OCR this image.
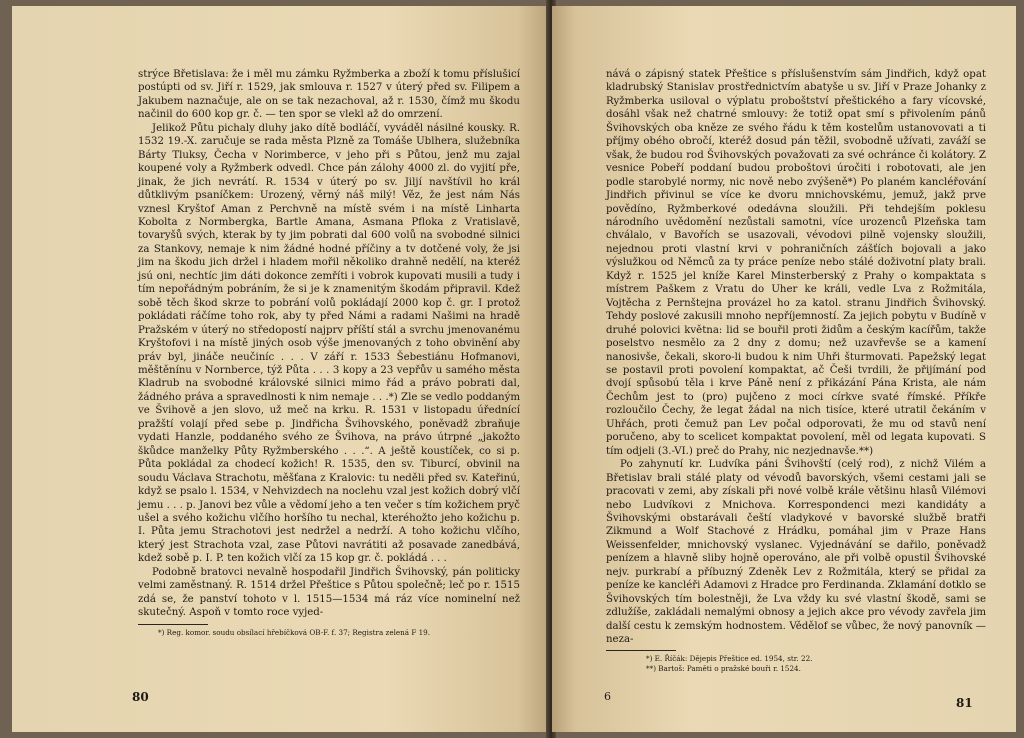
strýce Břetislava: že i měl mu zámku Ryžmberka a zboží k tomu příslušicí postúpti od sv. Jiří r. 1529, jak smlouva r. 1527 v úterý před sv. Filipem a Jakubem naznačuje, ale on se tak nezachoval, až r. 1530, čímž mu škodu načinil do 600 kop gr. č. — ten spor se vlekl až do omrzení.

Jelikož Půtu pichaly dluhy jako dítě bodláčí, vyváděl násilné kousky. R. 1532 19.-X. zaručuje se rada města Plzně za Tomáše Ublhera, služebníka Bárty Tluksy, Čecha v Norimberce, v jeho při s Půtou, jenž mu zajal koupené voly a Ryžmberk odvedl. Chce pán zálohy 4000 zl. do vyjití pře, jinak, že jich nevrátí. R. 1534 v úterý po sv. Jiljí navštívil ho král důtklivým psaníčkem: Urozený, věrný náš milý! Věz, že jest nám Nás vznesl Kryštof Aman z Perchvně na místě svém i na místě Linharta Kobolta z Normbergka, Bartle Amana, Asmana Pfloka z Vratislavě, tovaryšů svých, kterak by ty jim pobrati dal 600 volů na svobodné silnici za Stankovy, nemaje k nim žádné hodné příčiny a tv dotčené voly, že jsi jim na škodu jich držel i hladem mořil několiko drahně nedělí, na kteréž jsú oni, nechtíc jim dáti dokonce zemříti i vobrok kupovati musili a tudy i tím nepořádným pobráním, že si je k znamenitým škodám připravil. Kdež sobě těch škod skrze to pobrání volů pokládají 2000 kop č. gr. I protož pokládati ráčíme toho rok, aby ty před Námi a radami Našimi na hradě Pražském v úterý no středopostí najprv příští stál a svrchu jmenovanému Kryštofovi i na místě jiných osob výše jmenovaných z toho obvinění aby práv byl, jináče neučiníc . . . V září r. 1533 Šebestiánu Hofmanovi, měštěnínu v Nornberce, týž Půta . . . 3 kopy a 23 vepřův u samého města Kladrub na svobodné královské silnici mimo řád a právo pobrati dal, žádného práva a spravedlnosti k nim nemaje . . .*) Zle se vedlo poddaným ve Švihově a jen slovo, už meč na krku. R. 1531 v listopadu úřednící pražští volají před sebe p. Jindřicha Švihovského, poněvadž zbraňuje vydati Hanzle, poddaného svého ze Švihova, na právo útrpné „jakožto škůdce manželky Půty Ryžmberského . . .“. A ještě koustíček, co si p. Půta pokládal za chodecí kožich! R. 1535, den sv. Tiburcí, obvinil na soudu Václava Strachotu, měšťana z Kralovic: tu neděli před sv. Kateřinú, když se psalo l. 1534, v Nehvizdech na noclehu vzal jest kožich dobrý vlčí jemu . . . p. Janovi bez vůle a vědomí jeho a ten večer s tím kožichem pryč ušel a svého kožichu vlčího horšího tu nechal, kteréhožto jeho kožichu p. I. Půta jemu Strachotovi jest nedržel a nedrží. A toho kožichu vlčího, který jest Strachota vzal, zase Půtovi navrátiti až posavade zanedbává, kdež sobě p. I. P. ten kožich vlčí za 15 kop gr. č. pokládá . . .

Podobně bratovci nevalně hospodařil Jindřich Švihovský, pán politicky velmi zaměstnaný. R. 1514 držel Přeštice s Půtou společně; leč po r. 1515 zdá se, že panství tohoto v l. 1515—1534 má ráz více nominelní než skutečný. Aspoň v tomto roce vyjed-

*) Reg. komor. soudu obsílací hřebíčková OB-F. f. 37; Registra zelená F 19.

80

nává o zápisný statek Přeštice s příslušenstvím sám Jindřich, když opat kladrubský Stanislav prostřednictvím abatyše u sv. Jiří v Praze Johanky z Ryžmberka usiloval o výplatu proboštství přeštického a fary vícovské, dosáhl však než chatrné smlouvy: že totiž opat smí s přivolením pánů Švihovských oba kněze ze svého řádu k těm kostelům ustanovovati a ti příjmy obého obročí, kteréž dosud pán těžil, svobodně užívati, zaváží se však, že budou rod Švihovských považovati za své ochránce či kolátory. Z vesnice Pobeří poddaní budou proboštovi úročiti i robotovati, ale jen podle starobylé normy, nic nově nebo zvýšeně*) Po planém kancléřování Jindřich přivinul se více ke dvoru mnichovskému, jemuž, jakž prve povědíno, Ryžmberkové odedávna sloužili. Při tehdejším poklesu národního uvědomění nezůstali samotni, více urozenců Plzeňska tam chválalo, v Bavořích se usazovali, vévodovi pilně vojensky sloužili, nejednou proti vlastní krvi v pohraničních zášťích bojovali a jako výslužkou od Němců za ty práce peníze nebo stálé doživotní platy brali. Když r. 1525 jel kníže Karel Minsterberský z Prahy o kompaktata s místrem Paškem z Vratu do Uher ke králi, vedle Lva z Rožmitála, Vojtěcha z Pernštejna provázel ho za katol. stranu Jindřich Švihovský. Tehdy poslové zakusili mnoho nepříjemností. Za jejich pobytu v Budíně v druhé polovici května: lid se bouřil proti židům a českým kacířům, takže poselstvo nesmělo za 2 dny z domu; než uzavřevše se a kamení nanosivše, čekali, skoro-li budou k nim Uhři šturmovati. Papežský legat se postavil proti povolení kompaktat, ač Češi tvrdili, že přijímání pod dvojí spůsobú těla i krve Páně není z přikázání Pána Krista, ale nám Čechům jest to (pro) pujčeno z moci církve svaté římské. Příkře rozloučilo Čechy, že legat žádal na nich tisíce, které utratil čekáním v Uhřách, proti čemuž pan Lev počal odporovati, že mu od stavů není poručeno, aby to scelicet kompaktat povolení, měl od legata kupovati. S tím odjeli (3.-VI.) preč do Prahy, nic nezjednavše.**)

Po zahynutí kr. Ludvíka páni Švihovští (celý rod), z nichž Vilém a Břetislav brali stálé platy od vévodů bavorských, všemi cestami jali se pracovati v zemi, aby získali při nové volbě krále většinu hlasů Vilémovi nebo Ludvíkovi z Mnichova. Korrespondenci mezi kandidáty a Švihovskými obstarávali čeští vladykové v bavorské službě bratři Zikmund a Wolf Stachové z Hrádku, pomáhal jim v Praze Hans Weissenfelder, mnichovský vyslanec. Vyjednávání se dařilo, poněvadž penízem a hlavně sliby hojně operováno, ale při volbě opustil Švihovské nejv. purkrabí a příbuzný Zdeněk Lev z Rožmitála, který se přidal za peníze ke kancléři Adamovi z Hradce pro Ferdinanda. Zklamání dotklo se Švihovských tím bolestněji, že Lva vždy ku své vlastní škodě, sami se zdlužíše, zakládali nemalými obnosy a jejich akce pro vévody zavřela jim další cestu k zemským hodnostem. Vědělof se vůbec, že nový panovník — neza-

*) E. Říčák: Dějepis Přeštice ed. 1954, str. 22.

**) Bartoš: Paměti o pražské bouři r. 1524.

6	81
